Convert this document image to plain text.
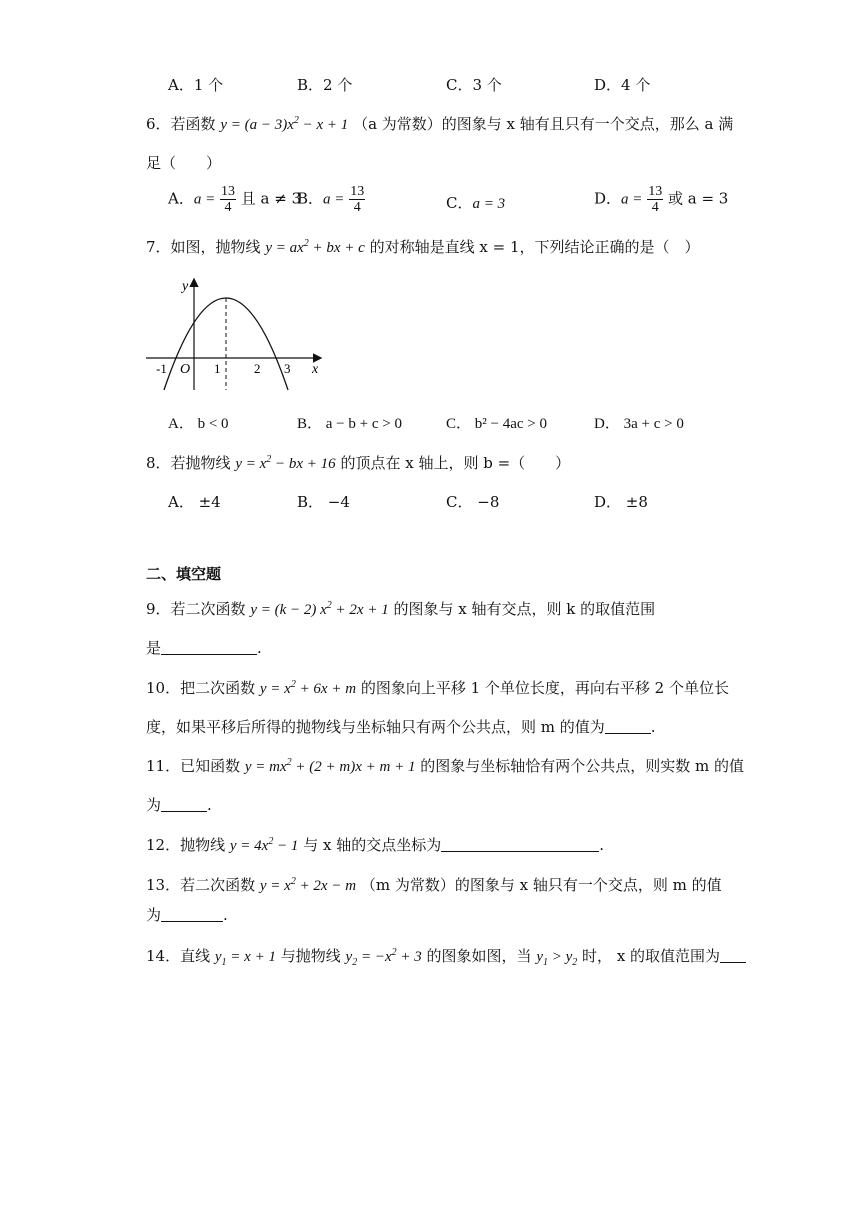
A．1 个	B．2 个	C．3 个	D．4 个
6．若函数 $y = (a - 3)x^2 - x + 1$ （a 为常数）的图象与 x 轴有且只有一个交点，那么 a 满
足（　　）
A．$a = \frac{13}{4}$ 且 a ≠ 3
B．$a = \frac{13}{4}$	C．a = 3	D．$a = \frac{13}{4}$ 或 a = 3
7．如图，抛物线 $y = ax^2$ + bx + c 的对称轴是直线 x = 1，下列结论正确的是（　）
y
x
O
-1	1	2 3
A． b < 0	B． a − b + c > 0	C． b² − 4ac > 0	D． 3a + c > 0
8．若抛物线 $y = x^2$ − bx + 16 的顶点在 x 轴上，则 b =（　　）
A． ±4	B． −4	C． −8	D． ±8
二、填空题
9．若二次函数 y = (k − 2) $x^2 + 2x + 1$ 的图象与 x 轴有交点，则 k 的取值范围
是	.
10．把二次函数 $y = x^2 + 6x + m$ 的图象向上平移 1 个单位长度，再向右平移 2 个单位长
度，如果平移后所得的抛物线与坐标轴只有两个公共点，则 m 的值为	.
11．已知函数 $y = mx^2 + (2 + m)x + m + 1$ 的图象与坐标轴恰有两个公共点，则实数 m 的值
为	.
12．抛物线 $y = 4x^2 - 1$ 与 x 轴的交点坐标为	.
13．若二次函数 $y = x^2 + 2x - m$ （m 为常数）的图象与 x 轴只有一个交点，则 m 的值
为	.
14．直线 $y_1 = x + 1$ 与抛物线 $y_2 = -x^2 + 3$ 的图象如图，当 $y_1 > y_2$ 时， x 的取值范围为
